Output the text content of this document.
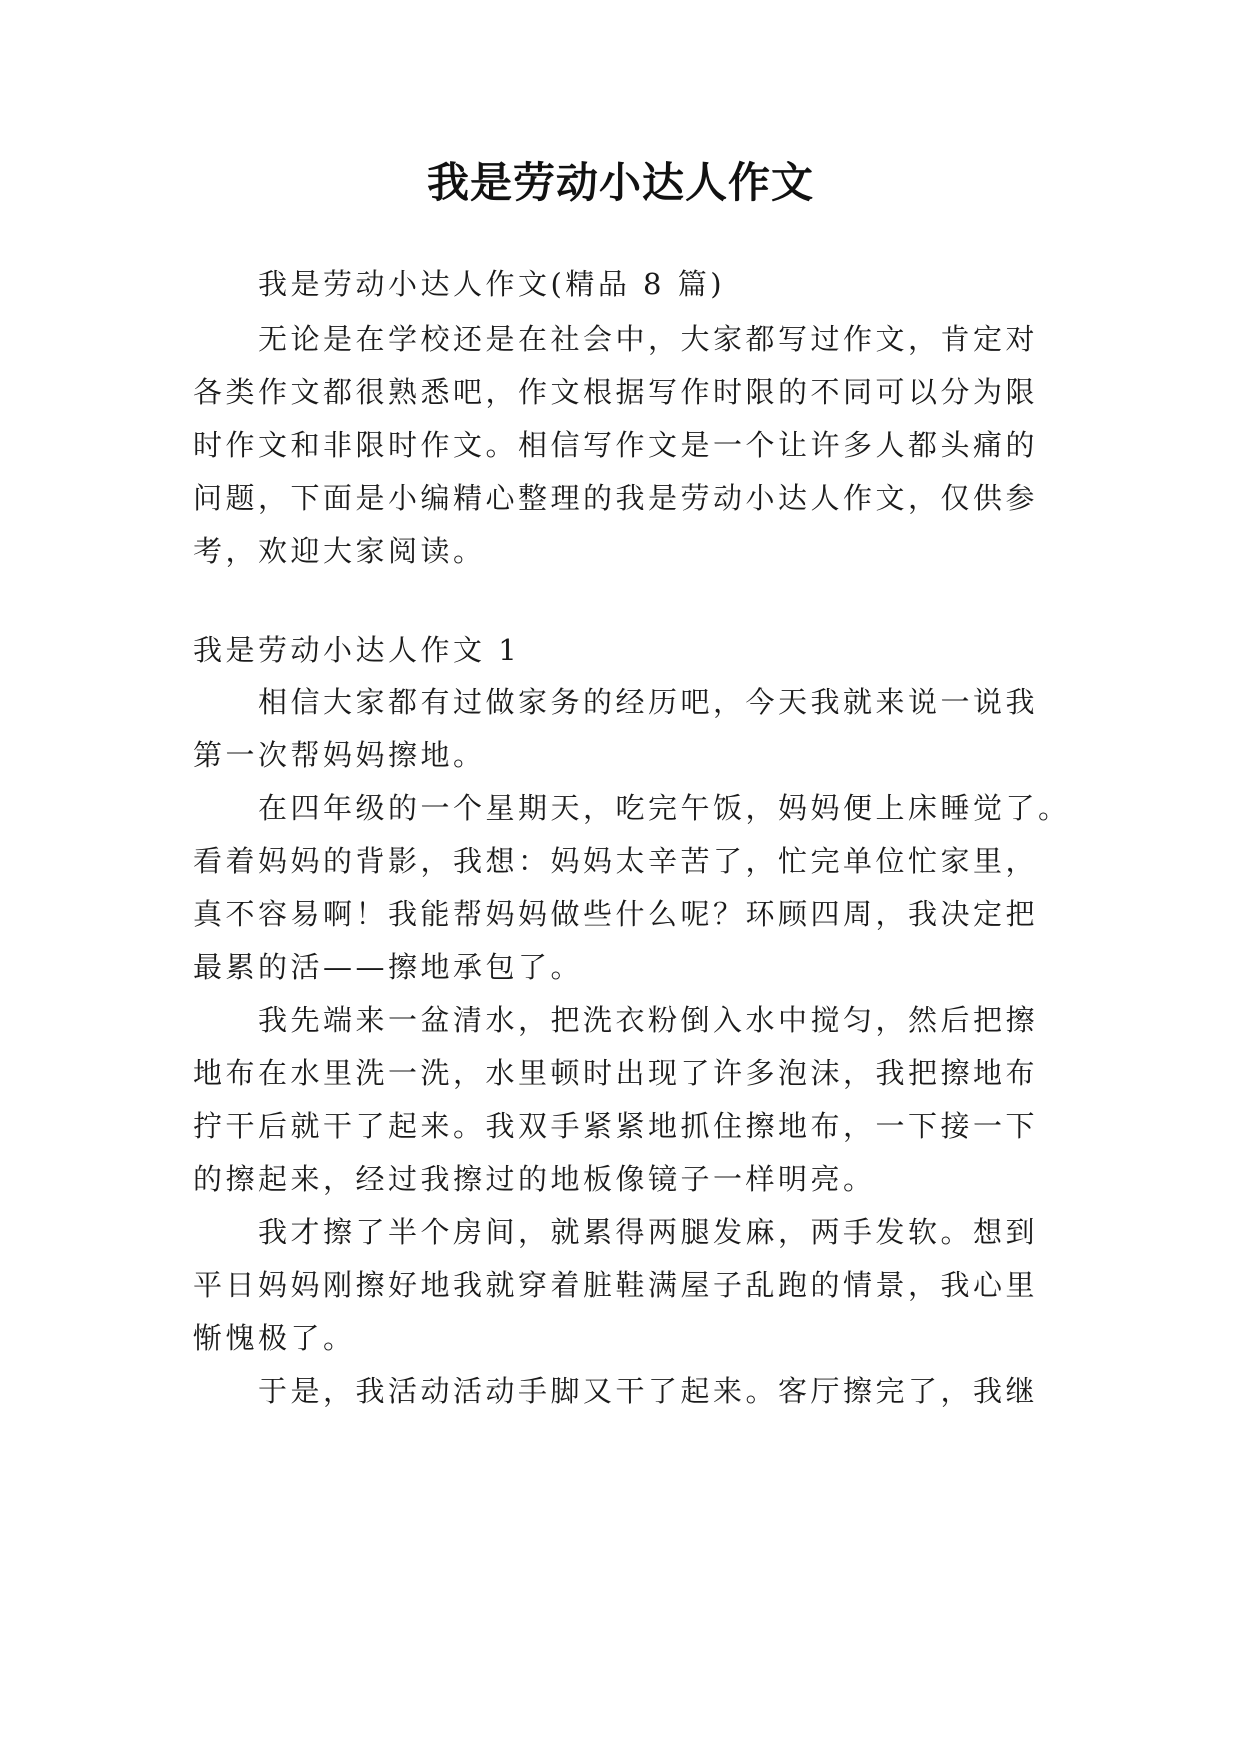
我是劳动小达人作文
我是劳动小达人作文(精品 8 篇)
无论是在学校还是在社会中，大家都写过作文，肯定对
各类作文都很熟悉吧，作文根据写作时限的不同可以分为限
时作文和非限时作文。相信写作文是一个让许多人都头痛的
问题，下面是小编精心整理的我是劳动小达人作文，仅供参
考，欢迎大家阅读。
我是劳动小达人作文 1
相信大家都有过做家务的经历吧，今天我就来说一说我
第一次帮妈妈擦地。
在四年级的一个星期天，吃完午饭，妈妈便上床睡觉了。
看着妈妈的背影，我想：妈妈太辛苦了，忙完单位忙家里，
真不容易啊！我能帮妈妈做些什么呢？环顾四周，我决定把
最累的活——擦地承包了。
我先端来一盆清水，把洗衣粉倒入水中搅匀，然后把擦
地布在水里洗一洗，水里顿时出现了许多泡沫，我把擦地布
拧干后就干了起来。我双手紧紧地抓住擦地布，一下接一下
的擦起来，经过我擦过的地板像镜子一样明亮。
我才擦了半个房间，就累得两腿发麻，两手发软。想到
平日妈妈刚擦好地我就穿着脏鞋满屋子乱跑的情景，我心里
惭愧极了。
于是，我活动活动手脚又干了起来。客厅擦完了，我继
